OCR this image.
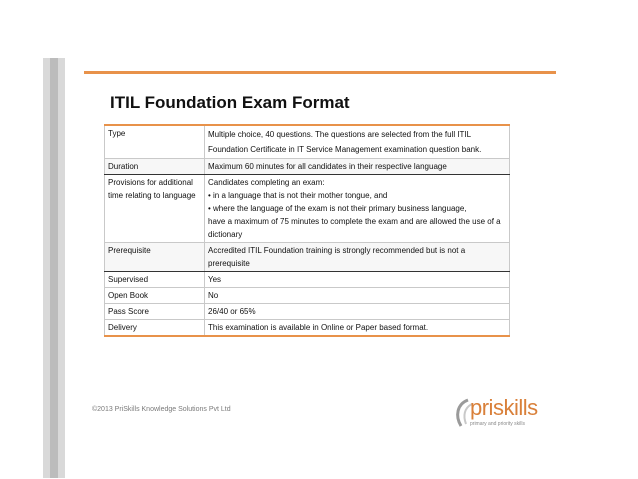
ITIL Foundation Exam Format
Type	Multiple choice, 40 questions. The questions are selected from the full ITIL Foundation Certificate in IT Service Management examination question bank.
Duration	Maximum 60 minutes for all candidates in their respective language
Provisions for additional time relating to language	Candidates completing an exam:
• in a language that is not their mother tongue, and
• where the language of the exam is not their primary business language,
have a maximum of 75 minutes to complete the exam and are allowed the use of a dictionary

Prerequisite	Accredited ITIL Foundation training is strongly recommended but is not a prerequisite
Supervised	Yes
Open Book	No
Pass Score	26/40 or 65%
Delivery	This examination is available in Online or Paper based format.
©2013 PriSkills Knowledge Solutions Pvt Ltd	priskills
primary and priority skills
